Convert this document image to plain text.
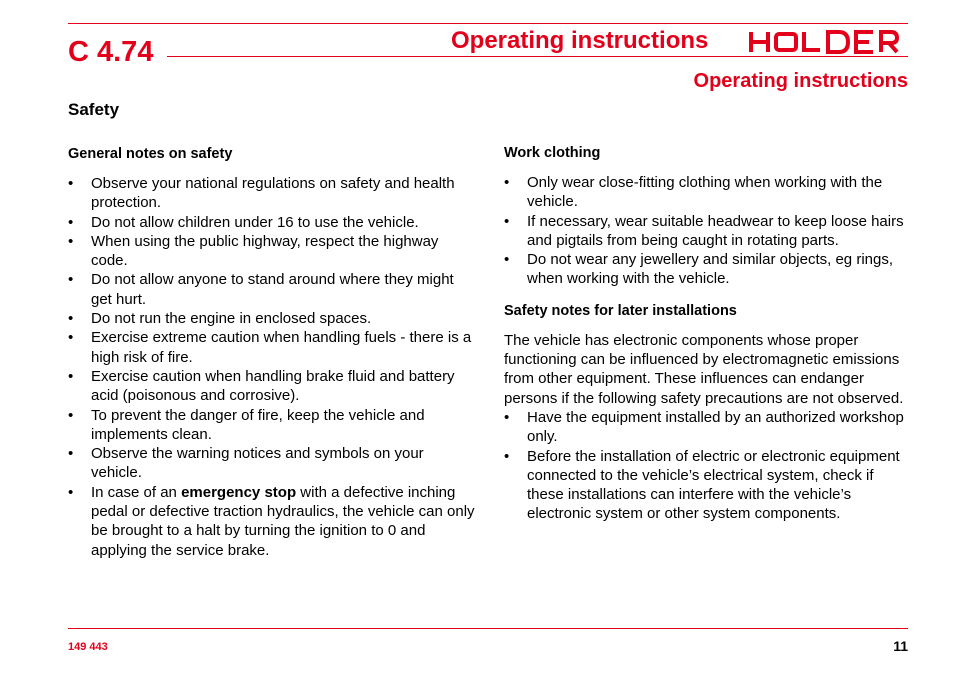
C 4.74	Operating instructions
Operating instructions
Safety
General notes on safety
• Observe your national regulations on safety and health protection.
• Do not allow children under 16 to use the vehicle.
• When using the public highway, respect the highway code.
• Do not allow anyone to stand around where they might get hurt.
• Do not run the engine in enclosed spaces.
• Exercise extreme caution when handling fuels - there is a high risk of fire.
• Exercise caution when handling brake fluid and battery acid (poisonous and corrosive).
• To prevent the danger of fire, keep the vehicle and implements clean.
• Observe the warning notices and symbols on your vehicle.
• In case of an emergency stop with a defective inching pedal or defective traction hydraulics, the vehicle can only be brought to a halt by turning the ignition to 0 and applying the service brake.
Work clothing
• Only wear close-fitting clothing when working with the vehicle.
• If necessary, wear suitable headwear to keep loose hairs and pigtails from being caught in rotating parts.
• Do not wear any jewellery and similar objects, eg rings, when working with the vehicle.
Safety notes for later installations

The vehicle has electronic components whose proper functioning can be influenced by electromagnetic emissions from other equipment. These influences can endanger persons if the following safety precautions are not observed.

• Have the equipment installed by an authorized workshop only.
• Before the installation of electric or electronic equipment connected to the vehicle’s electrical system, check if these installations can interfere with the vehicle’s electronic system or other system components.
149 443	11
